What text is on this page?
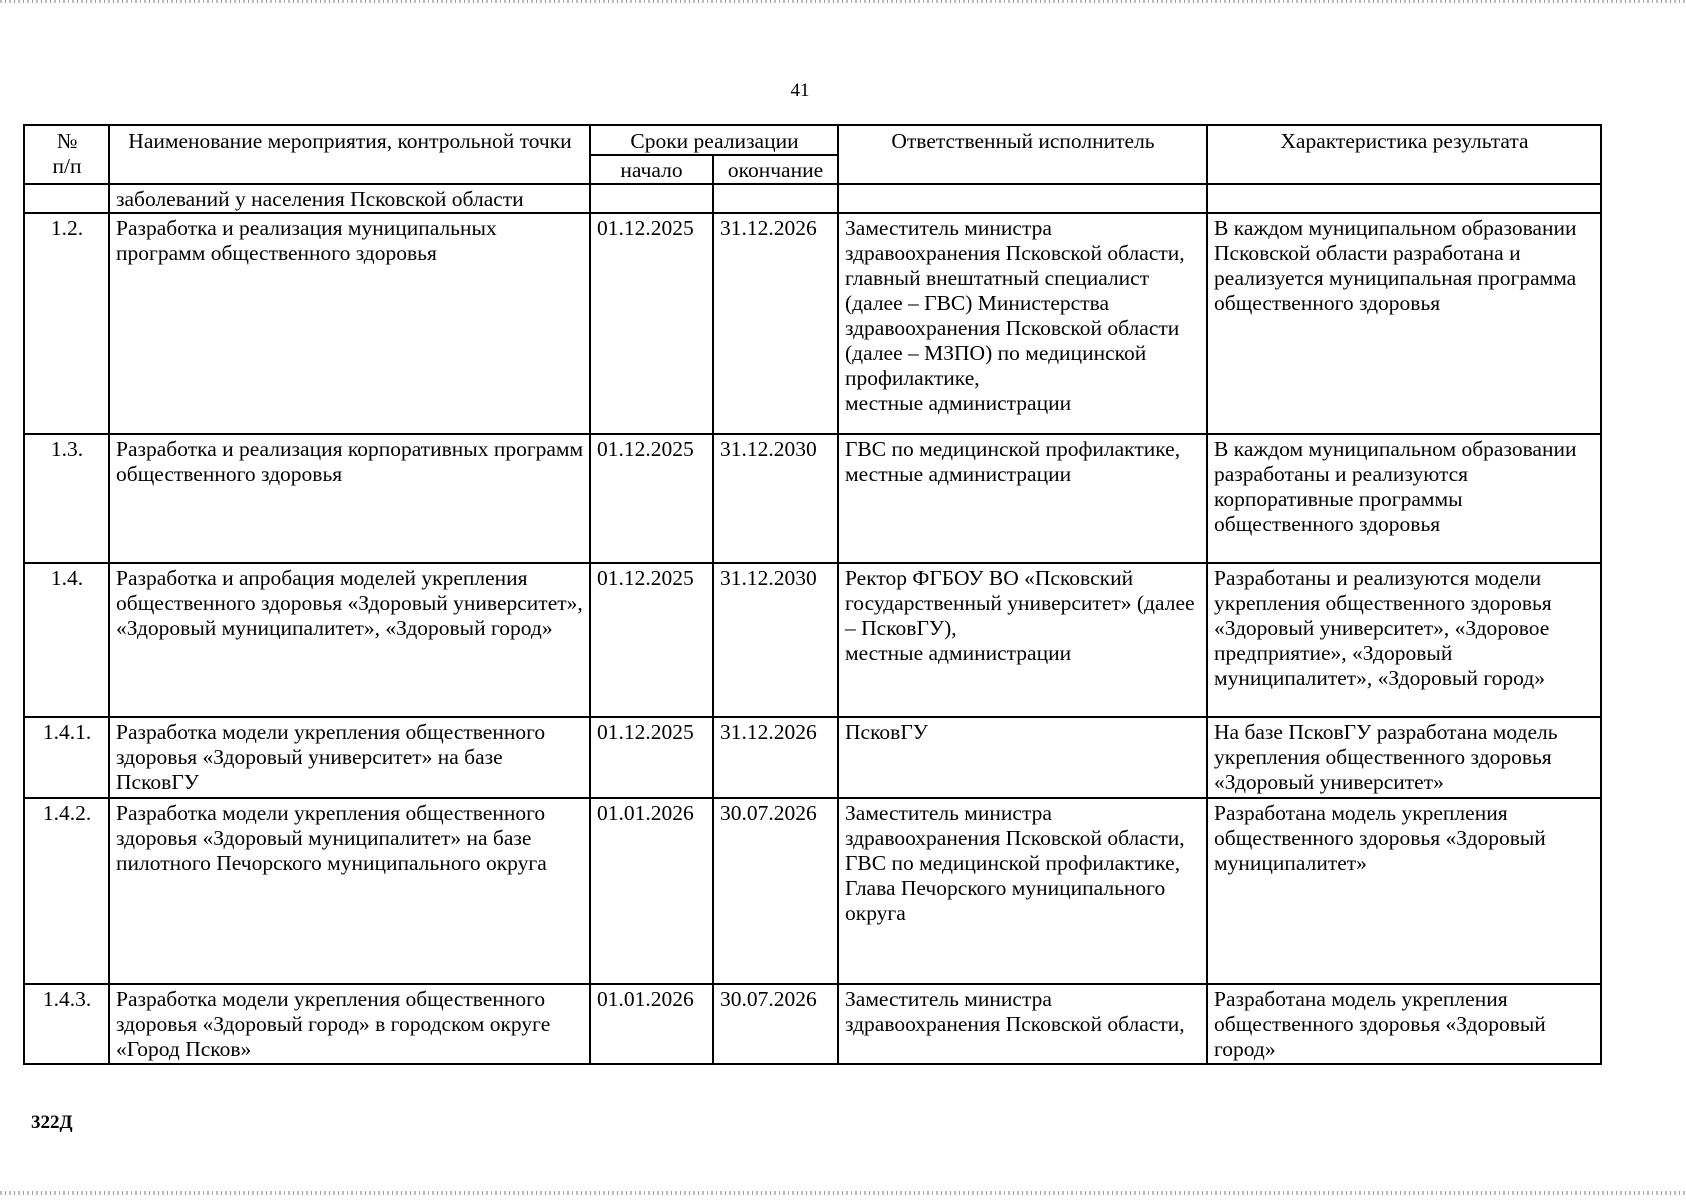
41
№
п/п	Наименование мероприятия, контрольной точки	Сроки реализации		Ответственный исполнитель	Характеристика результата
		начало	окончание		
	заболеваний у населения Псковской области			

1.2.	Разработка и реализация муниципальных программ общественного здоровья	01.12.2025	31.12.2026	Заместитель министра здравоохранения Псковской области,
главный внештатный специалист (далее – ГВС) Министерства здравоохранения Псковской области (далее – МЗПО) по медицинской профилактике,
местные администрации	В каждом муниципальном образовании Псковской области разработана и реализуется муниципальная программа общественного здоровья
1.3.	Разработка и реализация корпоративных программ общественного здоровья	01.12.2025	31.12.2030	ГВС по медицинской профилактике,
местные администрации	В каждом муниципальном образовании разработаны и реализуются корпоративные программы общественного здоровья
1.4.	Разработка и апробация моделей укрепления общественного здоровья «Здоровый университет», «Здоровый муниципалитет», «Здоровый город»	01.12.2025	31.12.2030	Ректор ФГБОУ ВО «Псковский государственный университет» (далее – ПсковГУ),
местные администрации	Разработаны и реализуются модели укрепления общественного здоровья «Здоровый университет», «Здоровое предприятие», «Здоровый муниципалитет», «Здоровый город»
1.4.1.	Разработка модели укрепления общественного здоровья «Здоровый университет» на базе ПсковГУ	01.12.2025	31.12.2026	ПсковГУ	На базе ПсковГУ разработана модель укрепления общественного здоровья «Здоровый университет»
1.4.2.	Разработка модели укрепления общественного здоровья «Здоровый муниципалитет» на базе пилотного Печорского муниципального округа	01.01.2026	30.07.2026	Заместитель министра здравоохранения Псковской области,
ГВС по медицинской профилактике,
Глава Печорского муниципального округа	Разработана модель укрепления общественного здоровья «Здоровый муниципалитет»
1.4.3.	Разработка модели укрепления общественного здоровья «Здоровый город» в городском округе «Город Псков»	01.01.2026	30.07.2026	Заместитель министра здравоохранения Псковской области,	Разработана модель укрепления общественного здоровья «Здоровый город»
322Д
